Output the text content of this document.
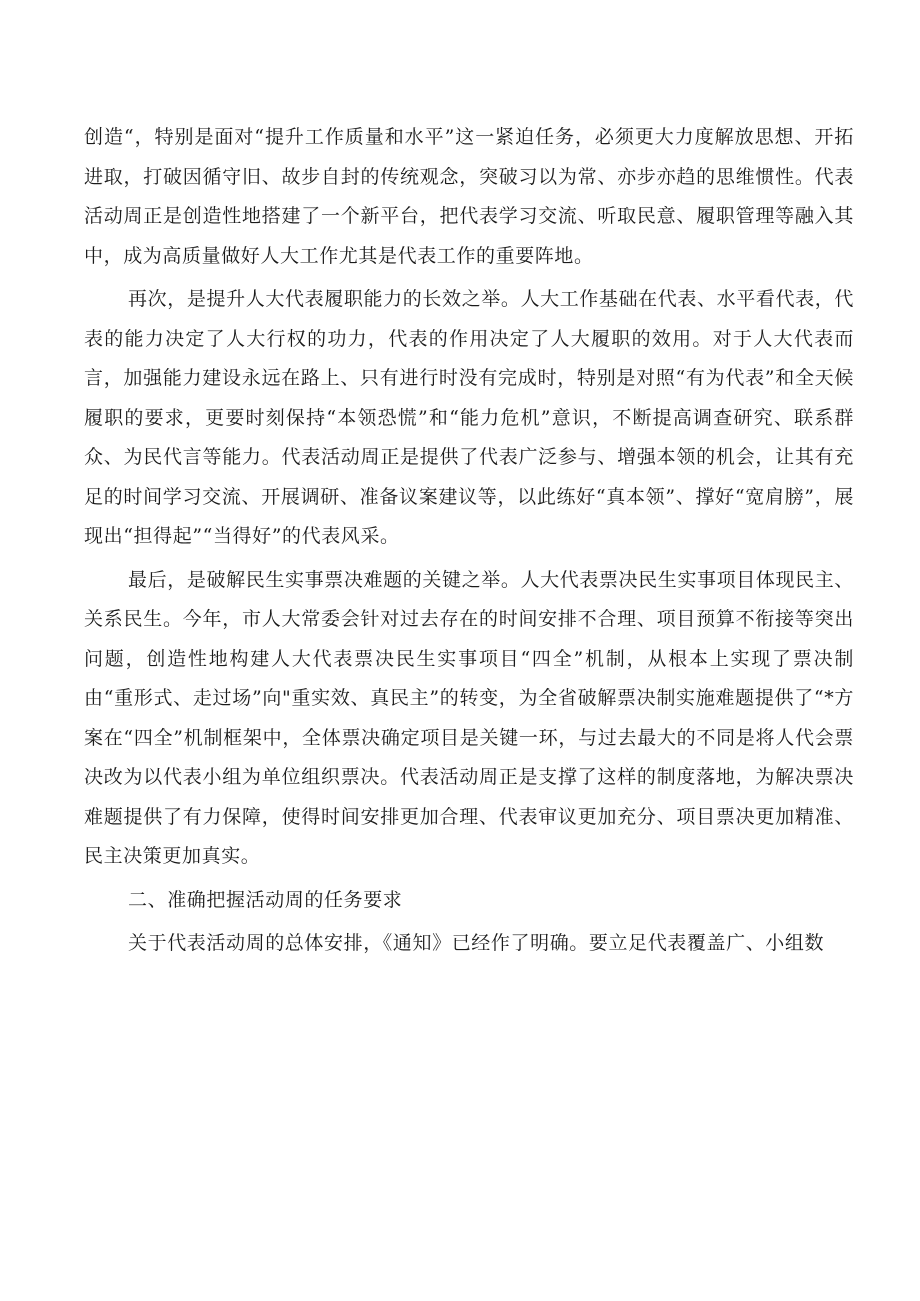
创造“，特别是面对“提升工作质量和水平”这一紧迫任务，必须更大力度解放思想、开拓进取，打破因循守旧、故步自封的传统观念，突破习以为常、亦步亦趋的思维惯性。代表活动周正是创造性地搭建了一个新平台，把代表学习交流、听取民意、履职管理等融入其中，成为高质量做好人大工作尤其是代表工作的重要阵地。

再次，是提升人大代表履职能力的长效之举。人大工作基础在代表、水平看代表，代表的能力决定了人大行权的功力，代表的作用决定了人大履职的效用。对于人大代表而言，加强能力建设永远在路上、只有进行时没有完成时，特别是对照“有为代表”和全天候履职的要求，更要时刻保持“本领恐慌”和“能力危机”意识，不断提高调查研究、联系群众、为民代言等能力。代表活动周正是提供了代表广泛参与、增强本领的机会，让其有充足的时间学习交流、开展调研、准备议案建议等，以此练好“真本领”、撑好“宽肩膀”，展现出“担得起”“当得好”的代表风采。

最后，是破解民生实事票决难题的关键之举。人大代表票决民生实事项目体现民主、关系民生。今年，市人大常委会针对过去存在的时间安排不合理、项目预算不衔接等突出问题，创造性地构建人大代表票决民生实事项目“四全”机制，从根本上实现了票决制由“重形式、走过场”向"重实效、真民主”的转变，为全省破解票决制实施难题提供了“*方案在“四全”机制框架中，全体票决确定项目是关键一环，与过去最大的不同是将人代会票决改为以代表小组为单位组织票决。代表活动周正是支撑了这样的制度落地，为解决票决难题提供了有力保障，使得时间安排更加合理、代表审议更加充分、项目票决更加精准、民主决策更加真实。

二、准确把握活动周的任务要求

关于代表活动周的总体安排，《通知》已经作了明确。要立足代表覆盖广、小组数
